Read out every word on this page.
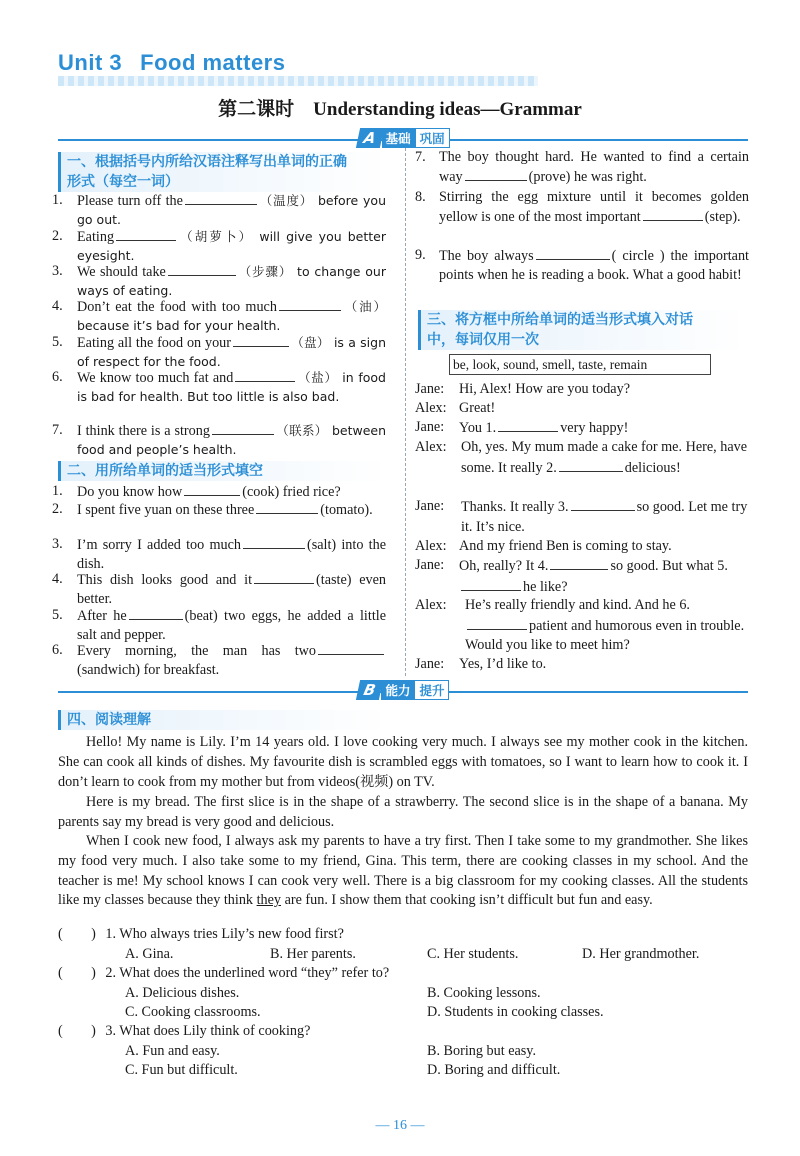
Unit 3 Food matters
第二课时　Understanding ideas—Grammar
A 基础 巩固
一、根据括号内所给汉语注释写出单词的正确
形式（每空一词）
1.	Please turn off the	（温度） before you go out.
2.	Eating	（胡萝卜） will give you better eyesight.
3.	We should take	（步骤） to change our ways of eating.
4.	Don’t eat the food with too much	（油） because it’s bad for your health.
5.	Eating all the food on your	（盘） is a sign of respect for the food.
6.	We know too much fat and	（盐） in food is bad for health. But too little is also bad.
7.	I think there is a strong	（联系） between food and people’s health.
二、用所给单词的适当形式填空
1.	Do you know how	(cook) fried rice?
2.	I spent five yuan on these three	(tomato).
3.	I’m sorry I added too much	(salt) into the dish.
4.	This dish looks good and it	(taste) even better.
5.	After he	(beat) two eggs, he added a little salt and pepper.
6.	Every morning, the man has two(sandwich) for breakfast.
7. The boy thought hard. He wanted to find a certain way	(prove) he was right.
8. Stirring the egg mixture until it becomes golden yellow is one of the most important	(step).
9. The boy always	( circle ) the important points when he is reading a book. What a good habit!
三、将方框中所给单词的适当形式填入对话
中，每词仅用一次
be, look, sound, smell, taste, remain
Jane:	Hi, Alex! How are you today?
Alex: Great!
Jane:	You 1.	very happy!
Alex:	Oh, yes. My mum made a cake for me. Here, have some. It really 2.	delicious!
Jane:	Thanks. It really 3.	so good. Let me try it. It’s nice.
Alex: And my friend Ben is coming to stay.
Jane:	Oh, really? It 4.	so good. But what 5.he like?
Alex:	He’s really friendly and kind. And he 6.patient and humorous even in trouble. Would you like to meet him?
Jane:	Yes, I’d like to.
B 能力 提升
四、阅读理解
Hello! My name is Lily. I’m 14 years old. I love cooking very much. I always see my mother cook in the kitchen. She can cook all kinds of dishes. My favourite dish is scrambled eggs with tomatoes, so I want to learn how to cook it. I don’t learn to cook from my mother but from videos(视频) on TV.
Here is my bread. The first slice is in the shape of a strawberry. The second slice is in the shape of a banana. My parents say my bread is very good and delicious.
When I cook new food, I always ask my parents to have a try first. Then I take some to my grandmother. She likes my food very much. I also take some to my friend, Gina. This term, there are cooking classes in my school. And the teacher is me! My school knows I can cook very well. There is a big classroom for my cooking classes. All the students like my classes because they think they are fun. I show them that cooking isn’t difficult but fun and easy.
(　　) 1. Who always tries Lily’s new food first?
A. Gina.	B. Her parents.	C. Her students.	D. Her grandmother.
(　　) 2. What does the underlined word “they” refer to?
A. Delicious dishes.	B. Cooking lessons.
C. Cooking classrooms.	D. Students in cooking classes.
(　　) 3. What does Lily think of cooking?
A. Fun and easy.	B. Boring but easy.
C. Fun but difficult.	D. Boring and difficult.
— 16 —
